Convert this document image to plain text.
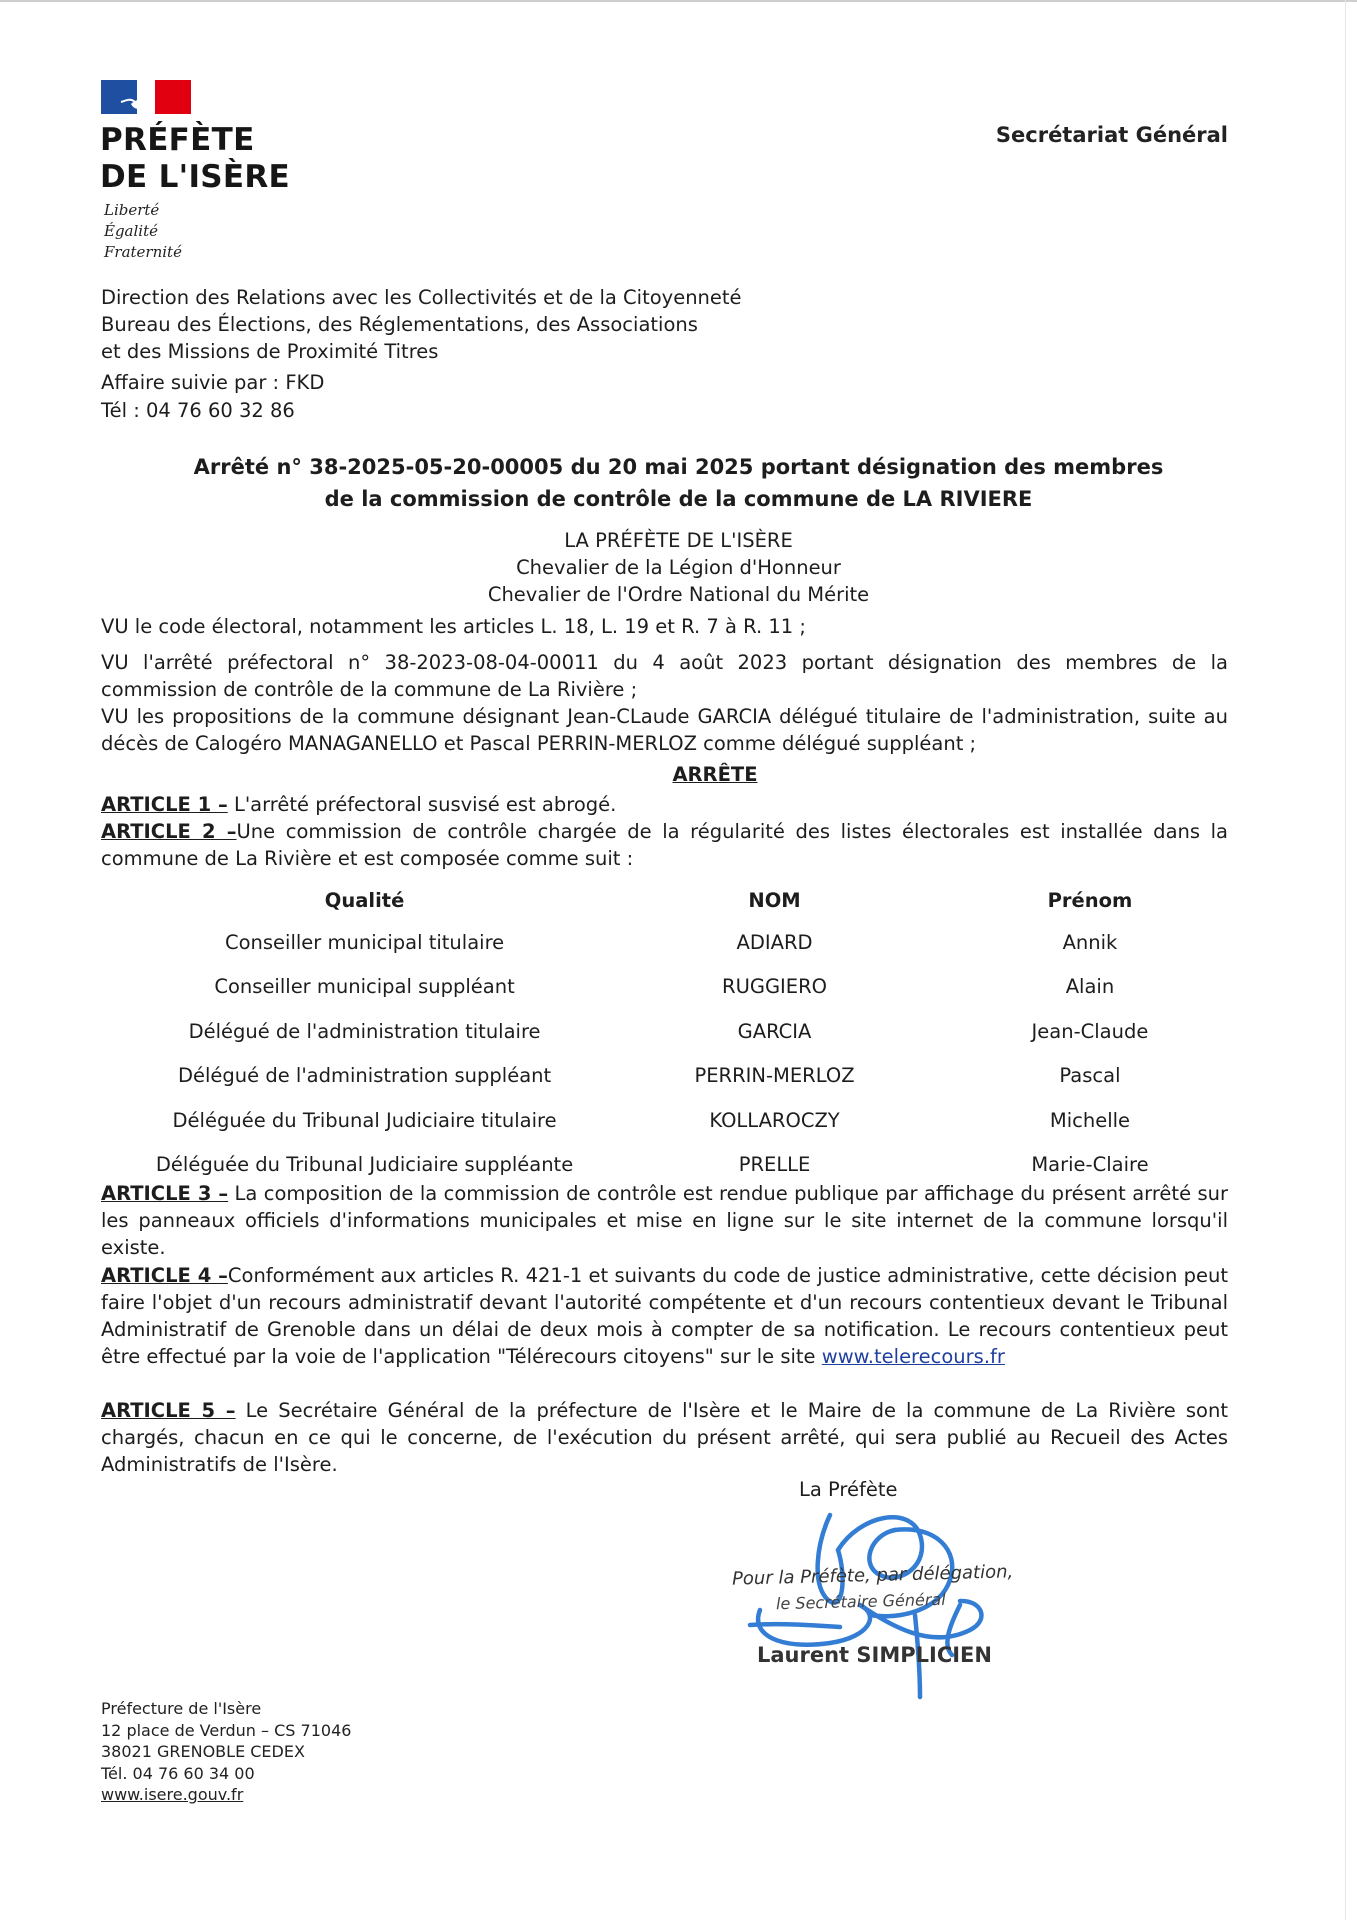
PRÉFÈTE
DE L'ISÈRE
Liberté
Égalité
Fraternité
Secrétariat Général
Direction des Relations avec les Collectivités et de la Citoyenneté
Bureau des Élections, des Réglementations, des Associations
et des Missions de Proximité Titres
Affaire suivie par : FKD
Tél : 04 76 60 32 86
Arrêté n° 38-2025-05-20-00005 du 20 mai 2025 portant désignation des membres
de la commission de contrôle de la commune de LA RIVIERE
LA PRÉFÈTE DE L'ISÈRE
Chevalier de la Légion d'Honneur
Chevalier de l'Ordre National du Mérite
VU le code électoral, notamment les articles L. 18, L. 19 et R. 7 à R. 11 ;
VU l'arrêté préfectoral n° 38-2023-08-04-00011 du 4 août 2023 portant désignation des membres de la commission de contrôle de la commune de La Rivière ;
VU les propositions de la commune désignant Jean-CLaude GARCIA délégué titulaire de l'administration, suite au décès de Calogéro MANAGANELLO et Pascal PERRIN-MERLOZ comme délégué suppléant ;
ARRÊTE
ARTICLE 1 – L'arrêté préfectoral susvisé est abrogé.
ARTICLE 2 –Une commission de contrôle chargée de la régularité des listes électorales est installée dans la commune de La Rivière et est composée comme suit :
Qualité	NOM	Prénom
Conseiller municipal titulaire	ADIARD	Annik
Conseiller municipal suppléant	RUGGIERO	Alain
Délégué de l'administration titulaire	GARCIA	Jean-Claude
Délégué de l'administration suppléant	PERRIN-MERLOZ	Pascal
Déléguée du Tribunal Judiciaire titulaire	KOLLAROCZY	Michelle
Déléguée du Tribunal Judiciaire suppléante	PRELLE	Marie-Claire
ARTICLE 3 – La composition de la commission de contrôle est rendue publique par affichage du présent arrêté sur les panneaux officiels d'informations municipales et mise en ligne sur le site internet de la commune lorsqu'il existe.
ARTICLE 4 –Conformément aux articles R. 421-1 et suivants du code de justice administrative, cette décision peut faire l'objet d'un recours administratif devant l'autorité compétente et d'un recours contentieux devant le Tribunal Administratif de Grenoble dans un délai de deux mois à compter de sa notification. Le recours contentieux peut être effectué par la voie de l'application "Télérecours citoyens" sur le site www.telerecours.fr
ARTICLE 5 – Le Secrétaire Général de la préfecture de l'Isère et le Maire de la commune de La Rivière sont chargés, chacun en ce qui le concerne, de l'exécution du présent arrêté, qui sera publié au Recueil des Actes Administratifs de l'Isère.
La Préfète
Pour la Préfète, par délégation,
le Secrétaire Général
Laurent SIMPLICIEN
Préfecture de l'Isère
12 place de Verdun – CS 71046
38021 GRENOBLE CEDEX
Tél. 04 76 60 34 00
www.isere.gouv.fr
